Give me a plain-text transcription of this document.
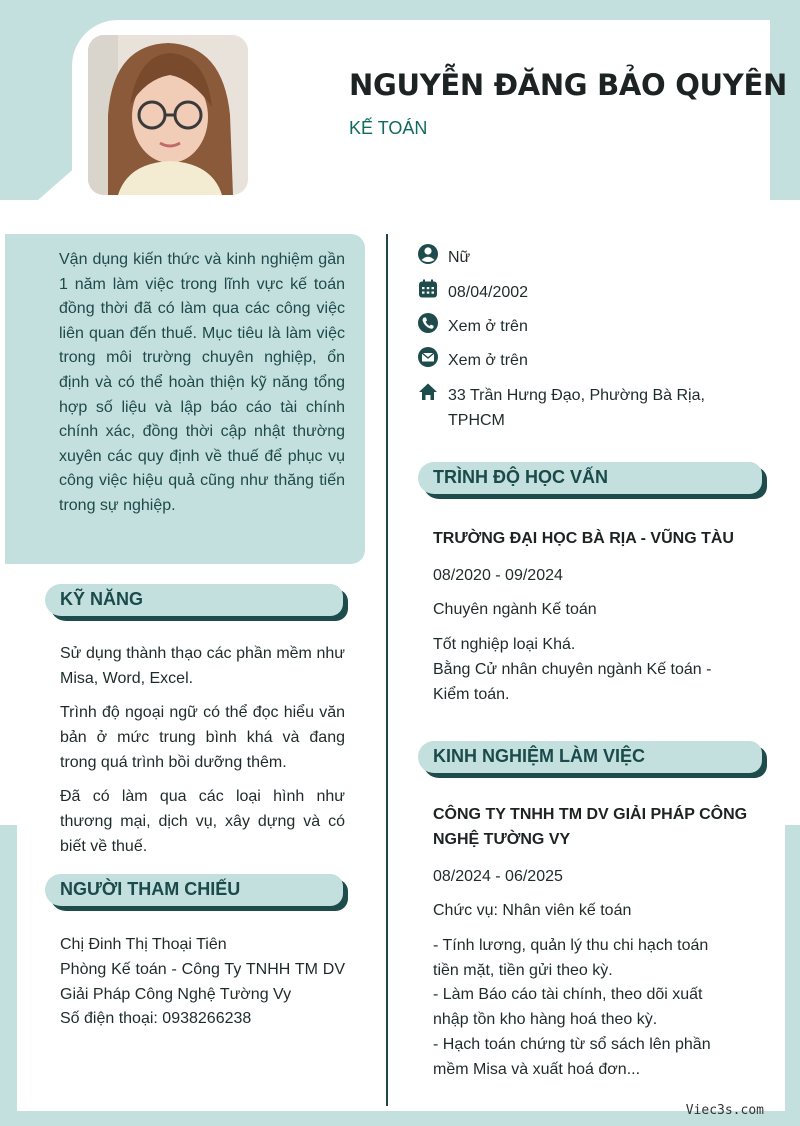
NGUYỄN ĐĂNG BẢO QUYÊN
KẾ TOÁN

Vận dụng kiến thức và kinh nghiệm gần 1 năm làm việc trong lĩnh vực kế toán đồng thời đã có làm qua các công việc liên quan đến thuế. Mục tiêu là làm việc trong môi trường chuyên nghiệp, ổn định và có thể hoàn thiện kỹ năng tổng hợp số liệu và lập báo cáo tài chính chính xác, đồng thời cập nhật thường xuyên các quy định về thuế để phục vụ công việc hiệu quả cũng như thăng tiến trong sự nghiệp.

KỸ NĂNG

Sử dụng thành thạo các phần mềm như Misa, Word, Excel.

Trình độ ngoại ngữ có thể đọc hiểu văn bản ở mức trung bình khá và đang trong quá trình bồi dưỡng thêm.

Đã có làm qua các loại hình như thương mại, dịch vụ, xây dựng và có biết về thuế.

NGƯỜI THAM CHIẾU

Chị Đinh Thị Thoại Tiên

Phòng Kế toán - Công Ty TNHH TM DV Giải Pháp Công Nghệ Tường Vy

Số điện thoại: 0938266238

Nữ
08/04/2002
Xem ở trên
Xem ở trên
33 Trần Hưng Đạo, Phường Bà Rịa, TPHCM
TRÌNH ĐỘ HỌC VẤN
TRƯỜNG ĐẠI HỌC BÀ RỊA - VŨNG TÀU

08/2020 - 09/2024

Chuyên ngành Kế toán

Tốt nghiệp loại Khá.

Bằng Cử nhân chuyên ngành Kế toán - Kiểm toán.

KINH NGHIỆM LÀM VIỆC
CÔNG TY TNHH TM DV GIẢI PHÁP CÔNG NGHỆ TƯỜNG VY

08/2024 - 06/2025

Chức vụ: Nhân viên kế toán

- Tính lương, quản lý thu chi hạch toán tiền mặt, tiền gửi theo kỳ.

- Làm Báo cáo tài chính, theo dõi xuất nhập tồn kho hàng hoá theo kỳ.

- Hạch toán chứng từ sổ sách lên phần mềm Misa và xuất hoá đơn...

Viec3s.com
